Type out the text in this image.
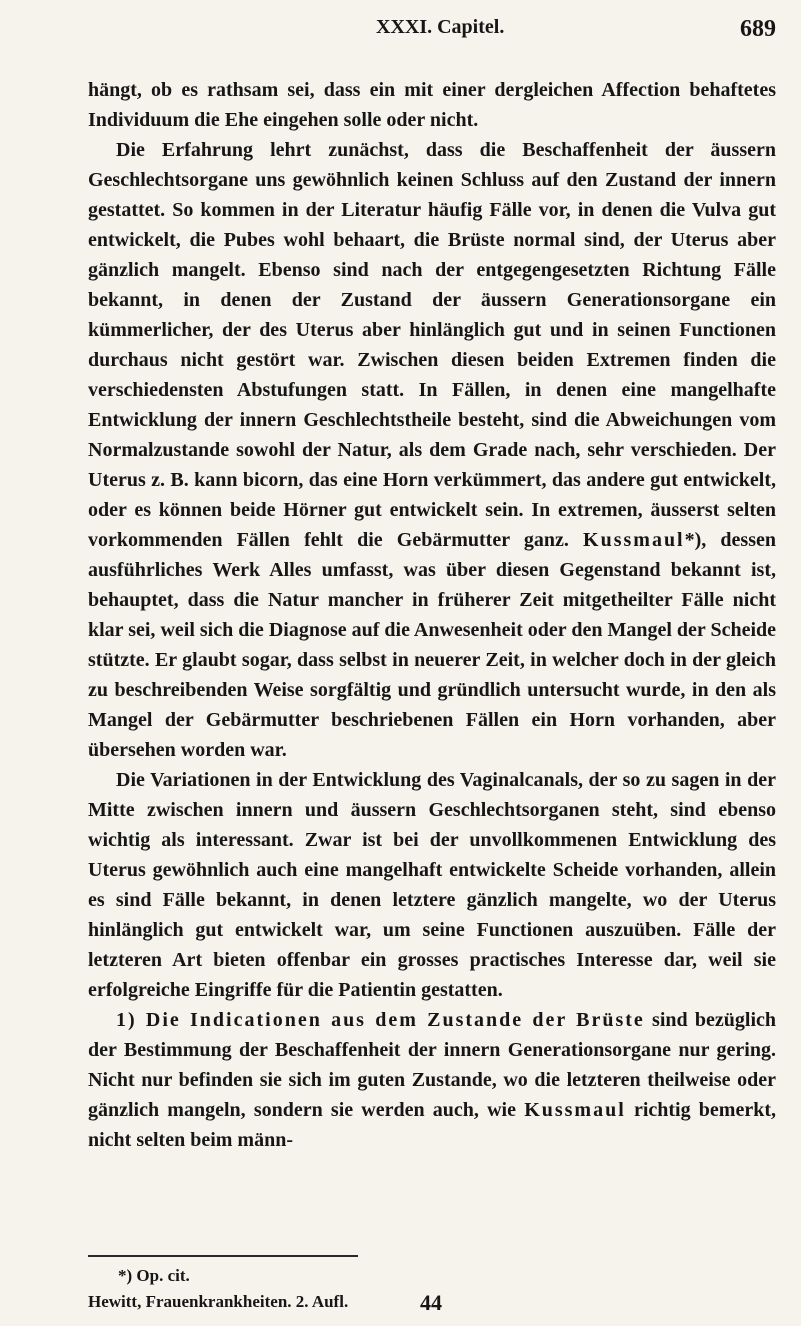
XXXI. Capitel.	689

hängt, ob es rathsam sei, dass ein mit einer dergleichen Affection behaftetes Individuum die Ehe eingehen solle oder nicht.

Die Erfahrung lehrt zunächst, dass die Beschaffenheit der äussern Geschlechtsorgane uns gewöhnlich keinen Schluss auf den Zustand der innern gestattet. So kommen in der Literatur häufig Fälle vor, in denen die Vulva gut entwickelt, die Pubes wohl behaart, die Brüste normal sind, der Uterus aber gänzlich mangelt. Ebenso sind nach der entgegengesetzten Richtung Fälle bekannt, in denen der Zustand der äussern Generationsorgane ein kümmerlicher, der des Uterus aber hinlänglich gut und in seinen Functionen durchaus nicht gestört war. Zwischen diesen beiden Extremen finden die verschiedensten Abstufungen statt. In Fällen, in denen eine mangelhafte Entwicklung der innern Geschlechtstheile besteht, sind die Abweichungen vom Normalzustande sowohl der Natur, als dem Grade nach, sehr verschieden. Der Uterus z. B. kann bicorn, das eine Horn verkümmert, das andere gut entwickelt, oder es können beide Hörner gut entwickelt sein. In extremen, äusserst selten vorkommenden Fällen fehlt die Gebärmutter ganz. Kussmaul*), dessen ausführliches Werk Alles umfasst, was über diesen Gegenstand bekannt ist, behauptet, dass die Natur mancher in früherer Zeit mitgetheilter Fälle nicht klar sei, weil sich die Diagnose auf die Anwesenheit oder den Mangel der Scheide stützte. Er glaubt sogar, dass selbst in neuerer Zeit, in welcher doch in der gleich zu beschreibenden Weise sorgfältig und gründlich untersucht wurde, in den als Mangel der Gebärmutter beschriebenen Fällen ein Horn vorhanden, aber übersehen worden war.

Die Variationen in der Entwicklung des Vaginalcanals, der so zu sagen in der Mitte zwischen innern und äussern Geschlechtsorganen steht, sind ebenso wichtig als interessant. Zwar ist bei der unvollkommenen Entwicklung des Uterus gewöhnlich auch eine mangelhaft entwickelte Scheide vorhanden, allein es sind Fälle bekannt, in denen letztere gänzlich mangelte, wo der Uterus hinlänglich gut entwickelt war, um seine Functionen auszuüben. Fälle der letzteren Art bieten offenbar ein grosses practisches Interesse dar, weil sie erfolgreiche Eingriffe für die Patientin gestatten.

1) Die Indicationen aus dem Zustande der Brüste sind bezüglich der Bestimmung der Beschaffenheit der innern Generationsorgane nur gering. Nicht nur befinden sie sich im guten Zustande, wo die letzteren theilweise oder gänzlich mangeln, sondern sie werden auch, wie Kussmaul richtig bemerkt, nicht selten beim männ-

*) Op. cit.
Hewitt, Frauenkrankheiten. 2. Aufl.	44
